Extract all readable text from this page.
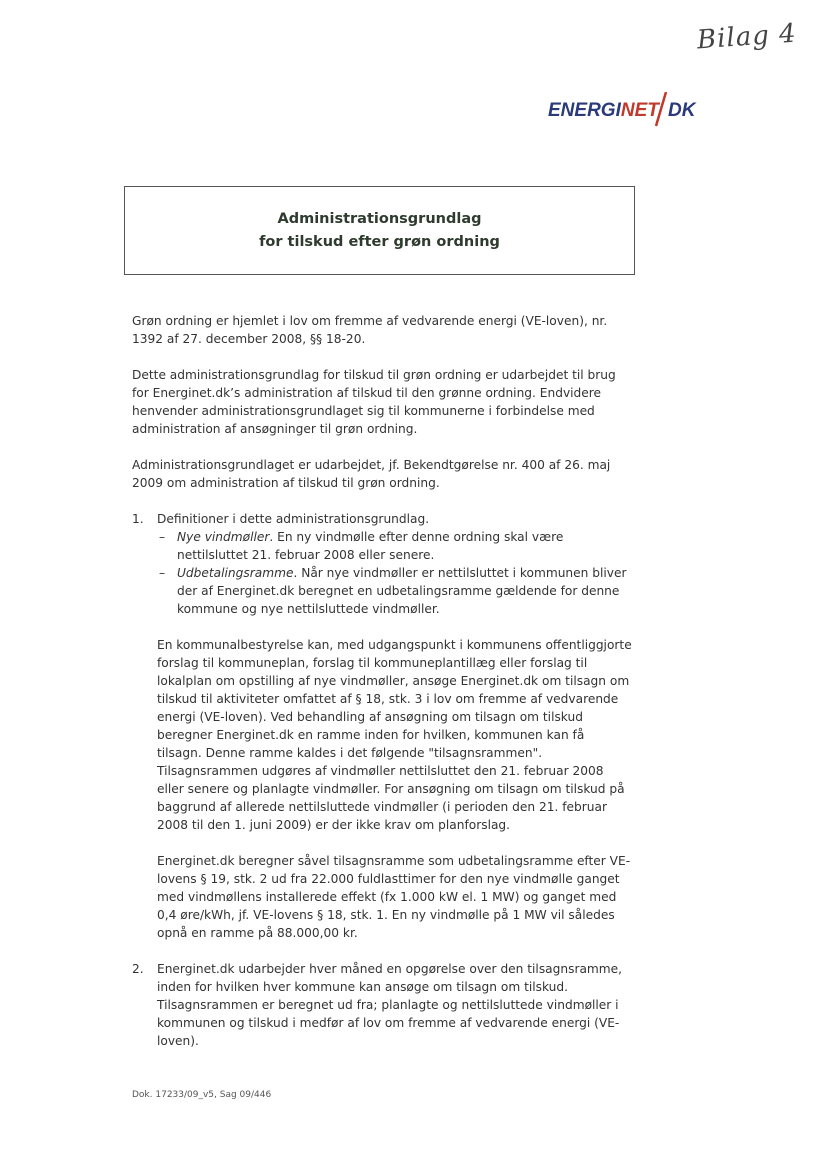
Bilag 4
ENERGINET DK
Administrationsgrundlag
for tilskud efter grøn ordning

Grøn ordning er hjemlet i lov om fremme af vedvarende energi (VE-loven), nr. 1392 af 27. december 2008, §§ 18-20.

Dette administrationsgrundlag for tilskud til grøn ordning er udarbejdet til brug for Energinet.dk’s administration af tilskud til den grønne ordning. Endvidere henvender administrationsgrundlaget sig til kommunerne i forbindelse med administration af ansøgninger til grøn ordning.

Administrationsgrundlaget er udarbejdet, jf. Bekendtgørelse nr. 400 af 26. maj 2009 om administration af tilskud til grøn ordning.

1. Definitioner i dette administrationsgrundlag.

– Nye vindmøller. En ny vindmølle efter denne ordning skal være nettilsluttet 21. februar 2008 eller senere.
– Udbetalingsramme. Når nye vindmøller er nettilsluttet i kommunen bliver der af Energinet.dk beregnet en udbetalingsramme gældende for denne kommune og nye nettilsluttede vindmøller.

En kommunalbestyrelse kan, med udgangspunkt i kommunens offentliggjorte forslag til kommuneplan, forslag til kommuneplantillæg eller forslag til lokalplan om opstilling af nye vindmøller, ansøge Energinet.dk om tilsagn om tilskud til aktiviteter omfattet af § 18, stk. 3 i lov om fremme af vedvarende energi (VE-loven). Ved behandling af ansøgning om tilsagn om tilskud beregner Energinet.dk en ramme inden for hvilken, kommunen kan få tilsagn. Denne ramme kaldes i det følgende "tilsagnsrammen". Tilsagnsrammen udgøres af vindmøller nettilsluttet den 21. februar 2008 eller senere og planlagte vindmøller. For ansøgning om tilsagn om tilskud på baggrund af allerede nettilsluttede vindmøller (i perioden den 21. februar 2008 til den 1. juni 2009) er der ikke krav om planforslag.

Energinet.dk beregner såvel tilsagnsramme som udbetalingsramme efter VE-lovens § 19, stk. 2 ud fra 22.000 fuldlasttimer for den nye vindmølle ganget med vindmøllens installerede effekt (fx 1.000 kW el. 1 MW) og ganget med 0,4 øre/kWh, jf. VE-lovens § 18, stk. 1. En ny vindmølle på 1 MW vil således opnå en ramme på 88.000,00 kr.

2. Energinet.dk udarbejder hver måned en opgørelse over den tilsagnsramme, inden for hvilken hver kommune kan ansøge om tilsagn om tilskud. Tilsagnsrammen er beregnet ud fra; planlagte og nettilsluttede vindmøller i kommunen og tilskud i medfør af lov om fremme af vedvarende energi (VE-loven).

Dok. 17233/09_v5, Sag 09/446
